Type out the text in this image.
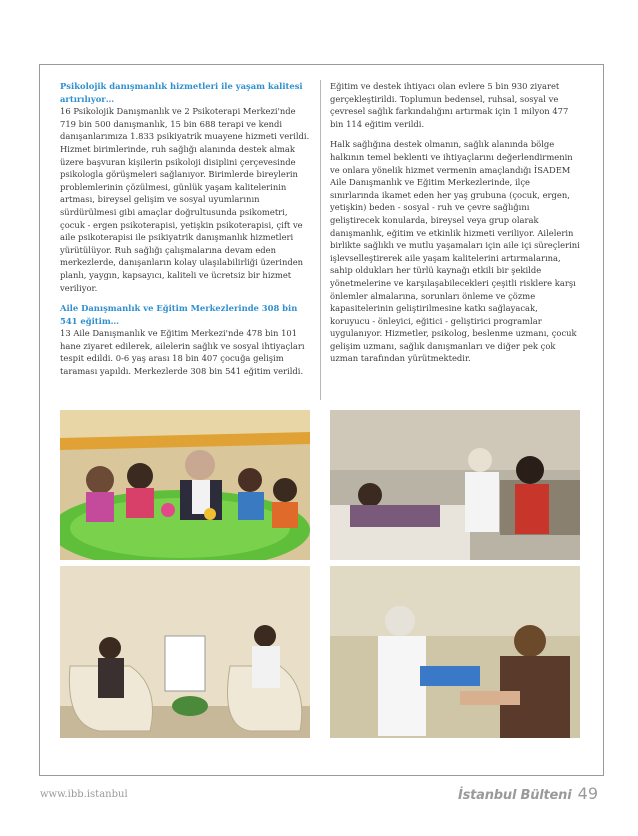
Psikolojik danışmanlık hizmetleri ile yaşam kalitesi artırılıyor…
16 Psikolojik Danışmanlık ve 2 Psikoterapi Merkezi'nde 719 bin 500 danışmanlık, 15 bin 688 terapi ve kendi danışanlarımıza 1.833 psikiyatrik muayene hizmeti verildi. Hizmet birimlerinde, ruh sağlığı alanında destek almak üzere başvuran kişilerin psikoloji disiplini çerçevesinde psikologla görüşmeleri sağlanıyor. Birimlerde bireylerin problemlerinin çözülmesi, günlük yaşam kalitelerinin artması, bireysel gelişim ve sosyal uyumlarının sürdürülmesi gibi amaçlar doğrultusunda psikometri, çocuk - ergen psikoterapisi, yetişkin psikoterapisi, çift ve aile psikoterapisi ile psikiyatrik danışmanlık hizmetleri yürütülüyor. Ruh sağlığı çalışmalarına devam eden merkezlerde, danışanların kolay ulaşılabilirliği üzerinden planlı, yaygın, kapsayıcı, kaliteli ve ücretsiz bir hizmet veriliyor.

Aile Danışmanlık ve Eğitim Merkezlerinde 308 bin 541 eğitim…
13 Aile Danışmanlık ve Eğitim Merkezi'nde 478 bin 101 hane ziyaret edilerek, ailelerin sağlık ve sosyal ihtiyaçları tespit edildi. 0-6 yaş arası 18 bin 407 çocuğa gelişim taraması yapıldı. Merkezlerde 308 bin 541 eğitim verildi.

Eğitim ve destek ihtiyacı olan evlere 5 bin 930 ziyaret gerçekleştirildi. Toplumun bedensel, ruhsal, sosyal ve çevresel sağlık farkındalığını artırmak için 1 milyon 477 bin 114 eğitim verildi.

Halk sağlığına destek olmanın, sağlık alanında bölge halkının temel beklenti ve ihtiyaçlarını değerlendirmenin ve onlara yönelik hizmet vermenin amaçlandığı İSADEM Aile Danışmanlık ve Eğitim Merkezlerinde, ilçe sınırlarında ikamet eden her yaş grubuna (çocuk, ergen, yetişkin) beden - sosyal - ruh ve çevre sağlığını geliştirecek konularda, bireysel veya grup olarak danışmanlık, eğitim ve etkinlik hizmeti veriliyor. Ailelerin birlikte sağlıklı ve mutlu yaşamaları için aile içi süreçlerini işlevselleştirerek aile yaşam kalitelerini artırmalarına, sahip oldukları her türlü kaynağı etkili bir şekilde yönetmelerine ve karşılaşabilecekleri çeşitli risklere karşı önlemler almalarına, sorunları önleme ve çözme kapasitelerinin geliştirilmesine katkı sağlayacak, koruyucu - önleyici, eğitici - geliştirici programlar uygulanıyor. Hizmetler, psikolog, beslenme uzmanı, çocuk gelişim uzmanı, sağlık danışmanları ve diğer pek çok uzman tarafından yürütmektedir.

www.ibb.istanbul	İstanbul Bülteni 49
